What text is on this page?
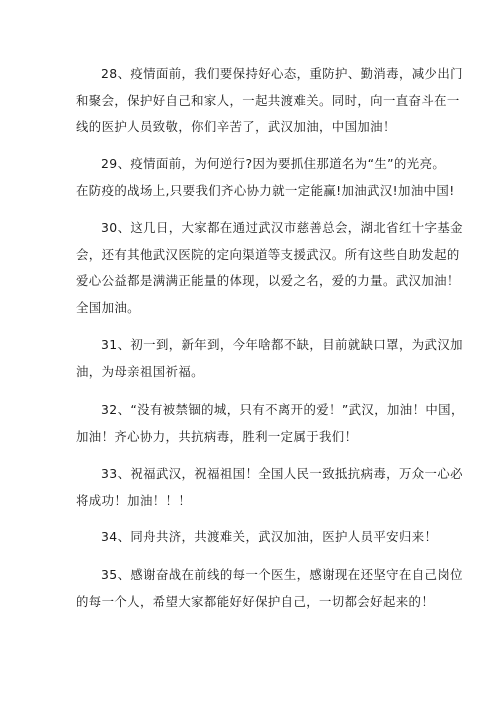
28、疫情面前，我们要保持好心态，重防护、勤消毒，减少出门
和聚会，保护好自己和家人，一起共渡难关。同时，向一直奋斗在一
线的医护人员致敬，你们辛苦了，武汉加油，中国加油！

29、疫情面前，为何逆行?因为要抓住那道名为“生”的光亮。
在防疫的战场上,只要我们齐心协力就一定能赢!加油武汉!加油中国!

30、这几日，大家都在通过武汉市慈善总会，湖北省红十字基金
会，还有其他武汉医院的定向渠道等支援武汉。所有这些自助发起的
爱心公益都是满满正能量的体现，以爱之名，爱的力量。武汉加油！
全国加油。

31、初一到，新年到，今年啥都不缺，目前就缺口罩，为武汉加
油，为母亲祖国祈福。

32、“没有被禁锢的城，只有不离开的爱！”武汉，加油！中国，
加油！齐心协力，共抗病毒，胜利一定属于我们！

33、祝福武汉，祝福祖国！全国人民一致抵抗病毒，万众一心必
将成功！加油！！！

34、同舟共济，共渡难关，武汉加油，医护人员平安归来！

35、感谢奋战在前线的每一个医生，感谢现在还坚守在自己岗位
的每一个人，希望大家都能好好保护自己，一切都会好起来的！
